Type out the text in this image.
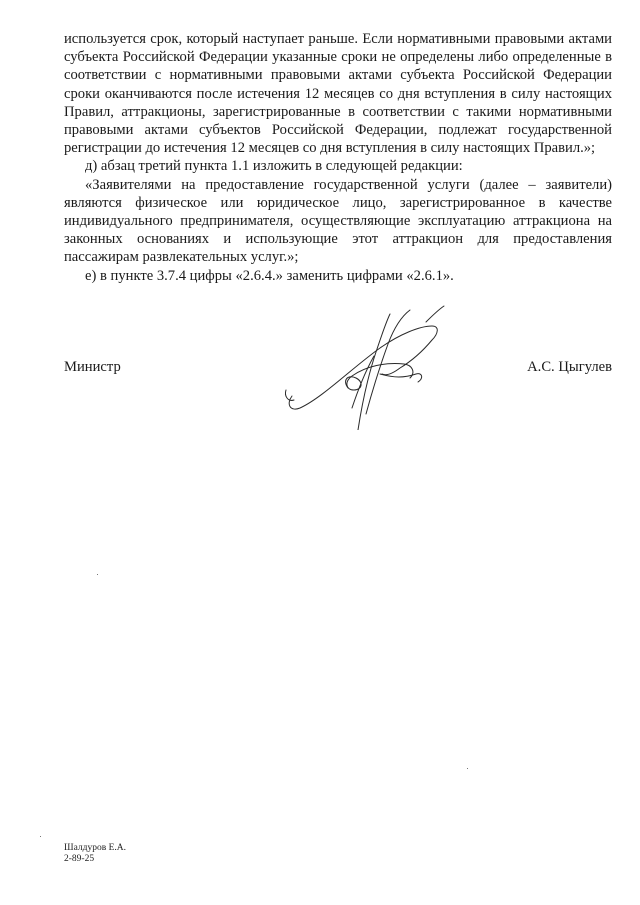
используется срок, который наступает раньше. Если нормативными правовыми актами субъекта Российской Федерации указанные сроки не определены либо определенные в соответствии с нормативными правовыми актами субъекта Российской Федерации сроки оканчиваются после истечения 12 месяцев со дня вступления в силу настоящих Правил, аттракционы, зарегистрированные в соответствии с такими нормативными правовыми актами субъектов Российской Федерации, подлежат государственной регистрации до истечения 12 месяцев со дня вступления в силу настоящих Правил.»;

д) абзац третий пункта 1.1 изложить в следующей редакции:

«Заявителями на предоставление государственной услуги (далее – заявители) являются физическое или юридическое лицо, зарегистрированное в качестве индивидуального предпринимателя, осуществляющие эксплуатацию аттракциона на законных основаниях и использующие этот аттракцион для предоставления пассажирам развлекательных услуг.»;

е) в пункте 3.7.4 цифры «2.6.4.» заменить цифрами «2.6.1».

Министр	А.С. Цыгулев
Шалдуров Е.А.
2-89-25
